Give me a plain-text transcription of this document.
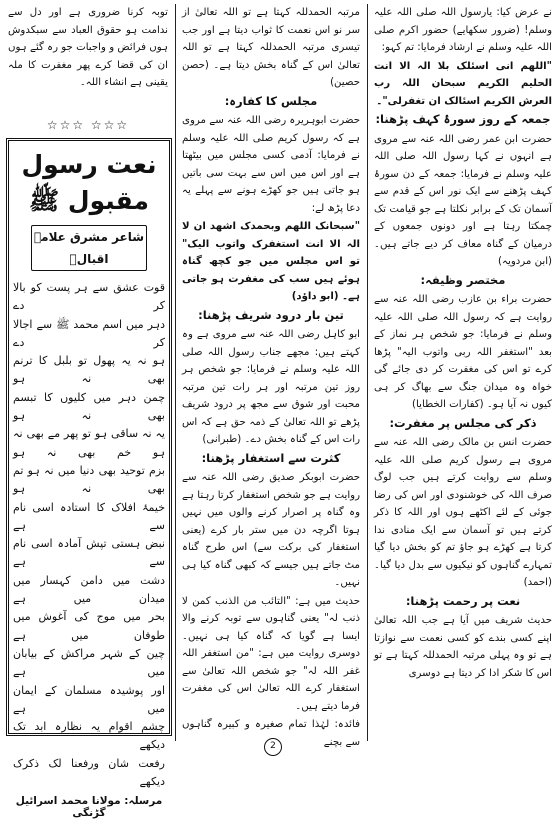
نے عرض کیا: یارسول اللہ صلی اللہ علیہ وسلم! (ضرور سکھایے) حضور اکرم صلی اللہ علیہ وسلم نے ارشاد فرمایا: تم کہو:

"اللھم انی اسئلک بلا الہ الا انت الحلیم الکریم سبحان اللہ رب العرش الکریم اسئالک ان تغفرلی"۔

جمعہ کے روز سورۂ کہف پڑھنا:

حضرت ابن عمر رضی اللہ عنہ سے مروی ہے انہوں نے کہا رسول اللہ صلی اللہ علیہ وسلم نے فرمایا: جمعہ کے دن سورۂ کہف پڑھنے سے ایک نور اس کے قدم سے آسمان تک کے برابر نکلتا ہے جو قیامت تک چمکتا رہتا ہے اور دونوں جمعوں کے درمیان کے گناہ معاف کر دیے جاتے ہیں۔ (ابن مردویہ)

مختصر وظیفہ:

حضرت براء بن عازب رضی اللہ عنہ سے روایت ہے کہ رسول اللہ صلی اللہ علیہ وسلم نے فرمایا: جو شخص ہر نماز کے بعد "استغفر اللہ ربی واتوب الیہ" پڑھا کرے تو اس کی مغفرت کر دی جائے گی خواہ وہ میدان جنگ سے بھاگ کر ہی کیوں نہ آیا ہو۔ (کفارات الخطایا)

ذکر کی مجلس پر مغفرت:

حضرت انس بن مالک رضی اللہ عنہ سے مروی ہے رسول کریم صلی اللہ علیہ وسلم سے روایت کرتے ہیں جب لوگ صرف اللہ کی خوشنودی اور اس کی رضا جوئی کے لئے اکٹھے ہوں اور اللہ کا ذکر کرتے ہیں تو آسمان سے ایک منادی ندا کرتا ہے کھڑے ہو جاؤ تم کو بخش دیا گیا تمہارے گناہوں کو نیکیوں سے بدل دیا گیا۔ (احمد)

نعت پر رحمت پڑھنا:

حدیث شریف میں آیا ہے جب اللہ تعالیٰ اپنے کسی بندے کو کسی نعمت سے نوازتا ہے تو وہ پہلی مرتبہ الحمدللہ کہتا ہے تو اس کا شکر ادا کر دیتا ہے دوسری

مرتبہ الحمدللہ کہتا ہے تو اللہ تعالیٰ از سر نو اس نعمت کا ثواب دیتا ہے اور جب تیسری مرتبہ الحمدللہ کہتا ہے تو اللہ تعالیٰ اس کے گناہ بخش دیتا ہے۔ (حصن حصین)

مجلس کا کفارہ:

حضرت ابوہریرہ رضی اللہ عنہ سے مروی ہے کہ رسول کریم صلی اللہ علیہ وسلم نے فرمایا: آدمی کسی مجلس میں بیٹھتا ہے اور اس میں اس سے بہت سی باتیں ہو جاتی ہیں جو کھڑے ہونے سے پہلے یہ دعا پڑھ لے:

"سبحانک اللھم وبحمدک اشھد ان لا الہ الا انت استغفرک واتوب الیک" تو اس مجلس میں جو کچھ گناہ ہوئے ہیں سب کی مغفرت ہو جاتی ہے۔ (ابو داؤد)

تین بار درود شریف پڑھنا:

ابو کاہل رضی اللہ عنہ سے مروی ہے وہ کہتے ہیں: مجھے جناب رسول اللہ صلی اللہ علیہ وسلم نے فرمایا: جو شخص ہر روز تین مرتبہ اور ہر رات تین مرتبہ محبت اور شوق سے مجھ پر درود شریف پڑھے تو اللہ تعالیٰ کے ذمہ حق ہے کہ اس رات اس کے گناہ بخش دے۔ (طبرانی)

کثرت سے استغفار پڑھنا:

حضرت ابوبکر صدیق رضی اللہ عنہ سے روایت ہے جو شخص استغفار کرتا رہتا ہے وہ گناہ پر اصرار کرنے والوں میں نہیں ہوتا اگرچہ دن میں ستر بار کرے (یعنی استغفار کی برکت سے) اس طرح گناہ مٹ جاتے ہیں جیسے کہ کبھی گناہ کیا ہی نہیں۔

حدیث میں ہے: "التائب من الذنب کمن لا ذنب لہ" یعنی گناہوں سے توبہ کرنے والا ایسا ہے گویا کہ گناہ کیا ہی نہیں۔ دوسری روایت میں ہے: "من استغفر اللہ غفر اللہ لہ" جو شخص اللہ تعالیٰ سے استغفار کرے اللہ تعالیٰ اس کی مغفرت فرما دیتے ہیں۔

فائدہ: لہٰذا تمام صغیرہ و کبیرہ گناہوں سے بچنے

توبہ کرنا ضروری ہے اور دل سے ندامت ہو حقوق العباد سے سبکدوش ہوں فرائض و واجبات جو رہ گئے ہوں ان کی قضا کرے پھر مغفرت کا ملہ یقینی ہے انشاء اللہ۔

☆☆☆ ☆☆☆
نعت رسول مقبول ﷺ
شاعر مشرق علامہ اقبالؒ
قوت عشق سے ہر پست کو بالا کر دے
دہر میں اسم محمد ﷺ سے اجالا کر دے
ہو نہ یہ پھول تو بلبل کا ترنم بھی نہ ہو
چمن دہر میں کلیوں کا تبسم بھی نہ ہو
یہ نہ ساقی ہو تو پھر مے بھی نہ ہو خم بھی نہ ہو
بزم توحید بھی دنیا میں نہ ہو تم بھی نہ ہو
خیمۂ افلاک کا استادہ اسی نام سے ہے
نبض ہستی تپش آمادہ اسی نام سے ہے
دشت میں دامن کہسار میں میدان میں ہے
بحر میں موج کی آغوش میں طوفان میں ہے
چین کے شہر مراکش کے بیابان میں ہے
اور پوشیدہ مسلمان کے ایمان میں ہے
چشم اقوام یہ نظارہ ابد تک دیکھے
رفعت شان ورفعنا لک ذکرک دیکھے
مرسلہ: مولانا محمد اسرائیل گڑنگی
2
